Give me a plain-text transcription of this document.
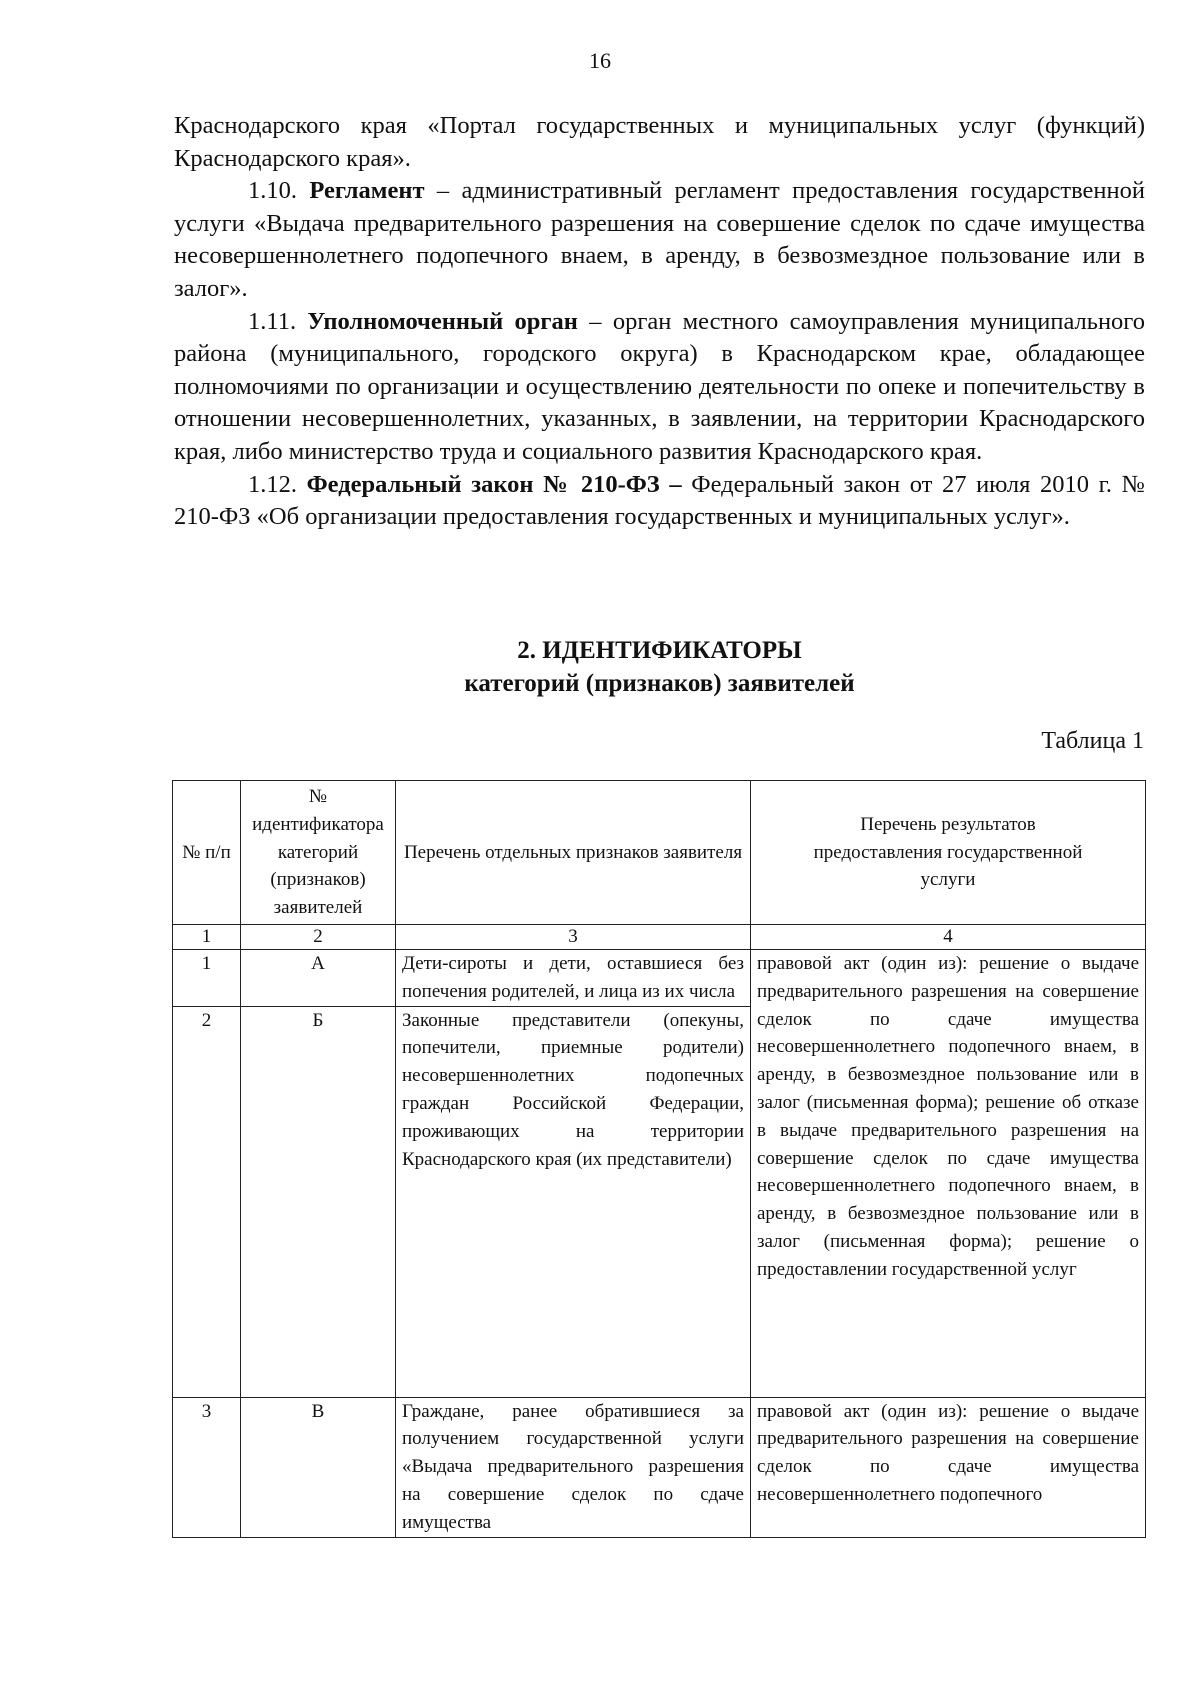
16

Краснодарского края «Портал государственных и муниципальных услуг (функций) Краснодарского края».

1.10. Регламент – административный регламент предоставления государственной услуги «Выдача предварительного разрешения на совершение сделок по сдаче имущества несовершеннолетнего подопечного внаем, в аренду, в безвозмездное пользование или в залог».

1.11. Уполномоченный орган – орган местного самоуправления муниципального района (муниципального, городского округа) в Краснодарском крае, обладающее полномочиями по организации и осуществлению деятельности по опеке и попечительству в отношении несовершеннолетних, указанных, в заявлении, на территории Краснодарского края, либо министерство труда и социального развития Краснодарского края.

1.12. Федеральный закон № 210-ФЗ – Федеральный закон от 27 июля 2010 г. № 210-ФЗ «Об организации предоставления государственных и муниципальных услуг».

2. ИДЕНТИФИКАТОРЫ
категорий (признаков) заявителей
Таблица 1
№ п/п	№ идентификатора категорий (признаков) заявителей	Перечень отдельных признаков заявителя	Перечень результатов предоставления государственной услуги
1	2	3	4
1	А	Дети-сироты и дети, оставшиеся без попечения родителей, и лица из их числа	правовой акт (один из): решение о выдаче предварительного разрешения на совершение сделок по сдаче имущества несовершеннолетнего подопечного внаем, в аренду, в безвозмездное пользование или в залог (письменная форма); решение об отказе в выдаче предварительного разрешения на совершение сделок по сдаче имущества несовершеннолетнего подопечного внаем, в аренду, в безвозмездное пользование или в залог (письменная форма); решение о предоставлении государственной услуг
2	Б	Законные представители (опекуны, попечители, приемные родители) несовершеннолетних подопечных граждан Российской Федерации, проживающих на территории Краснодарского края (их представители)	
3	В	Граждане, ранее обратившиеся за получением государственной услуги «Выдача предварительного разрешения на совершение сделок по сдаче имущества	правовой акт (один из): решение о выдаче предварительного разрешения на совершение сделок по сдаче имущества несовершеннолетнего подопечного
